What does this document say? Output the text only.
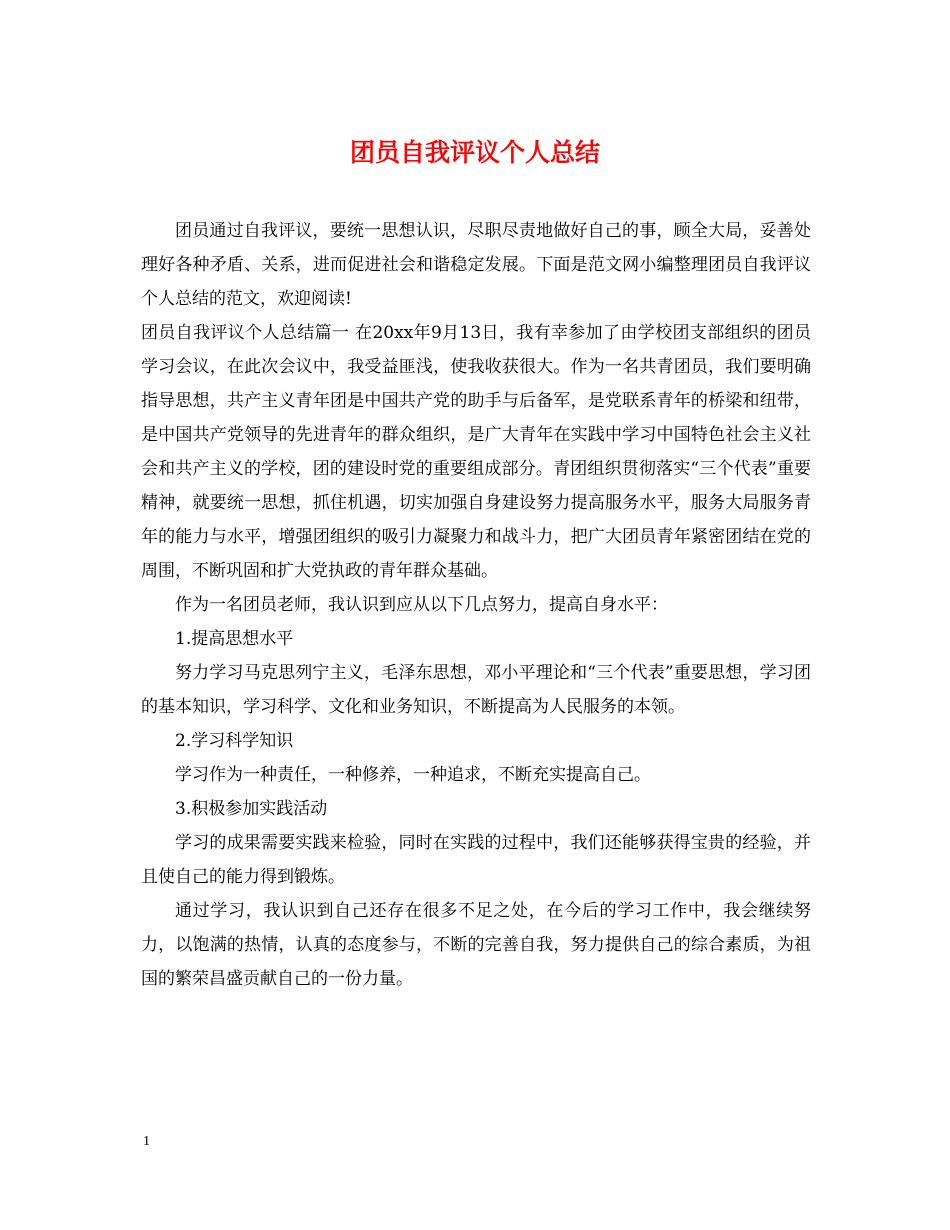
团员自我评议个人总结

团员通过自我评议，要统一思想认识，尽职尽责地做好自己的事，顾全大局，妥善处理好各种矛盾、关系，进而促进社会和谐稳定发展。下面是范文网小编整理团员自我评议个人总结的范文，欢迎阅读!

团员自我评议个人总结篇一 在20xx年9月13日，我有幸参加了由学校团支部组织的团员学习会议，在此次会议中，我受益匪浅，使我收获很大。作为一名共青团员，我们要明确指导思想，共产主义青年团是中国共产党的助手与后备军，是党联系青年的桥梁和纽带，是中国共产党领导的先进青年的群众组织，是广大青年在实践中学习中国特色社会主义社会和共产主义的学校，团的建设时党的重要组成部分。青团组织贯彻落实“三个代表”重要精神，就要统一思想，抓住机遇，切实加强自身建设努力提高服务水平，服务大局服务青年的能力与水平，增强团组织的吸引力凝聚力和战斗力，把广大团员青年紧密团结在党的周围，不断巩固和扩大党执政的青年群众基础。

作为一名团员老师，我认识到应从以下几点努力，提高自身水平：

1.提高思想水平

努力学习马克思列宁主义，毛泽东思想，邓小平理论和“三个代表”重要思想，学习团的基本知识，学习科学、文化和业务知识，不断提高为人民服务的本领。

2.学习科学知识

学习作为一种责任，一种修养，一种追求，不断充实提高自己。

3.积极参加实践活动

学习的成果需要实践来检验，同时在实践的过程中，我们还能够获得宝贵的经验，并且使自己的能力得到锻炼。

通过学习，我认识到自己还存在很多不足之处，在今后的学习工作中，我会继续努力，以饱满的热情，认真的态度参与，不断的完善自我，努力提供自己的综合素质，为祖国的繁荣昌盛贡献自己的一份力量。

1
